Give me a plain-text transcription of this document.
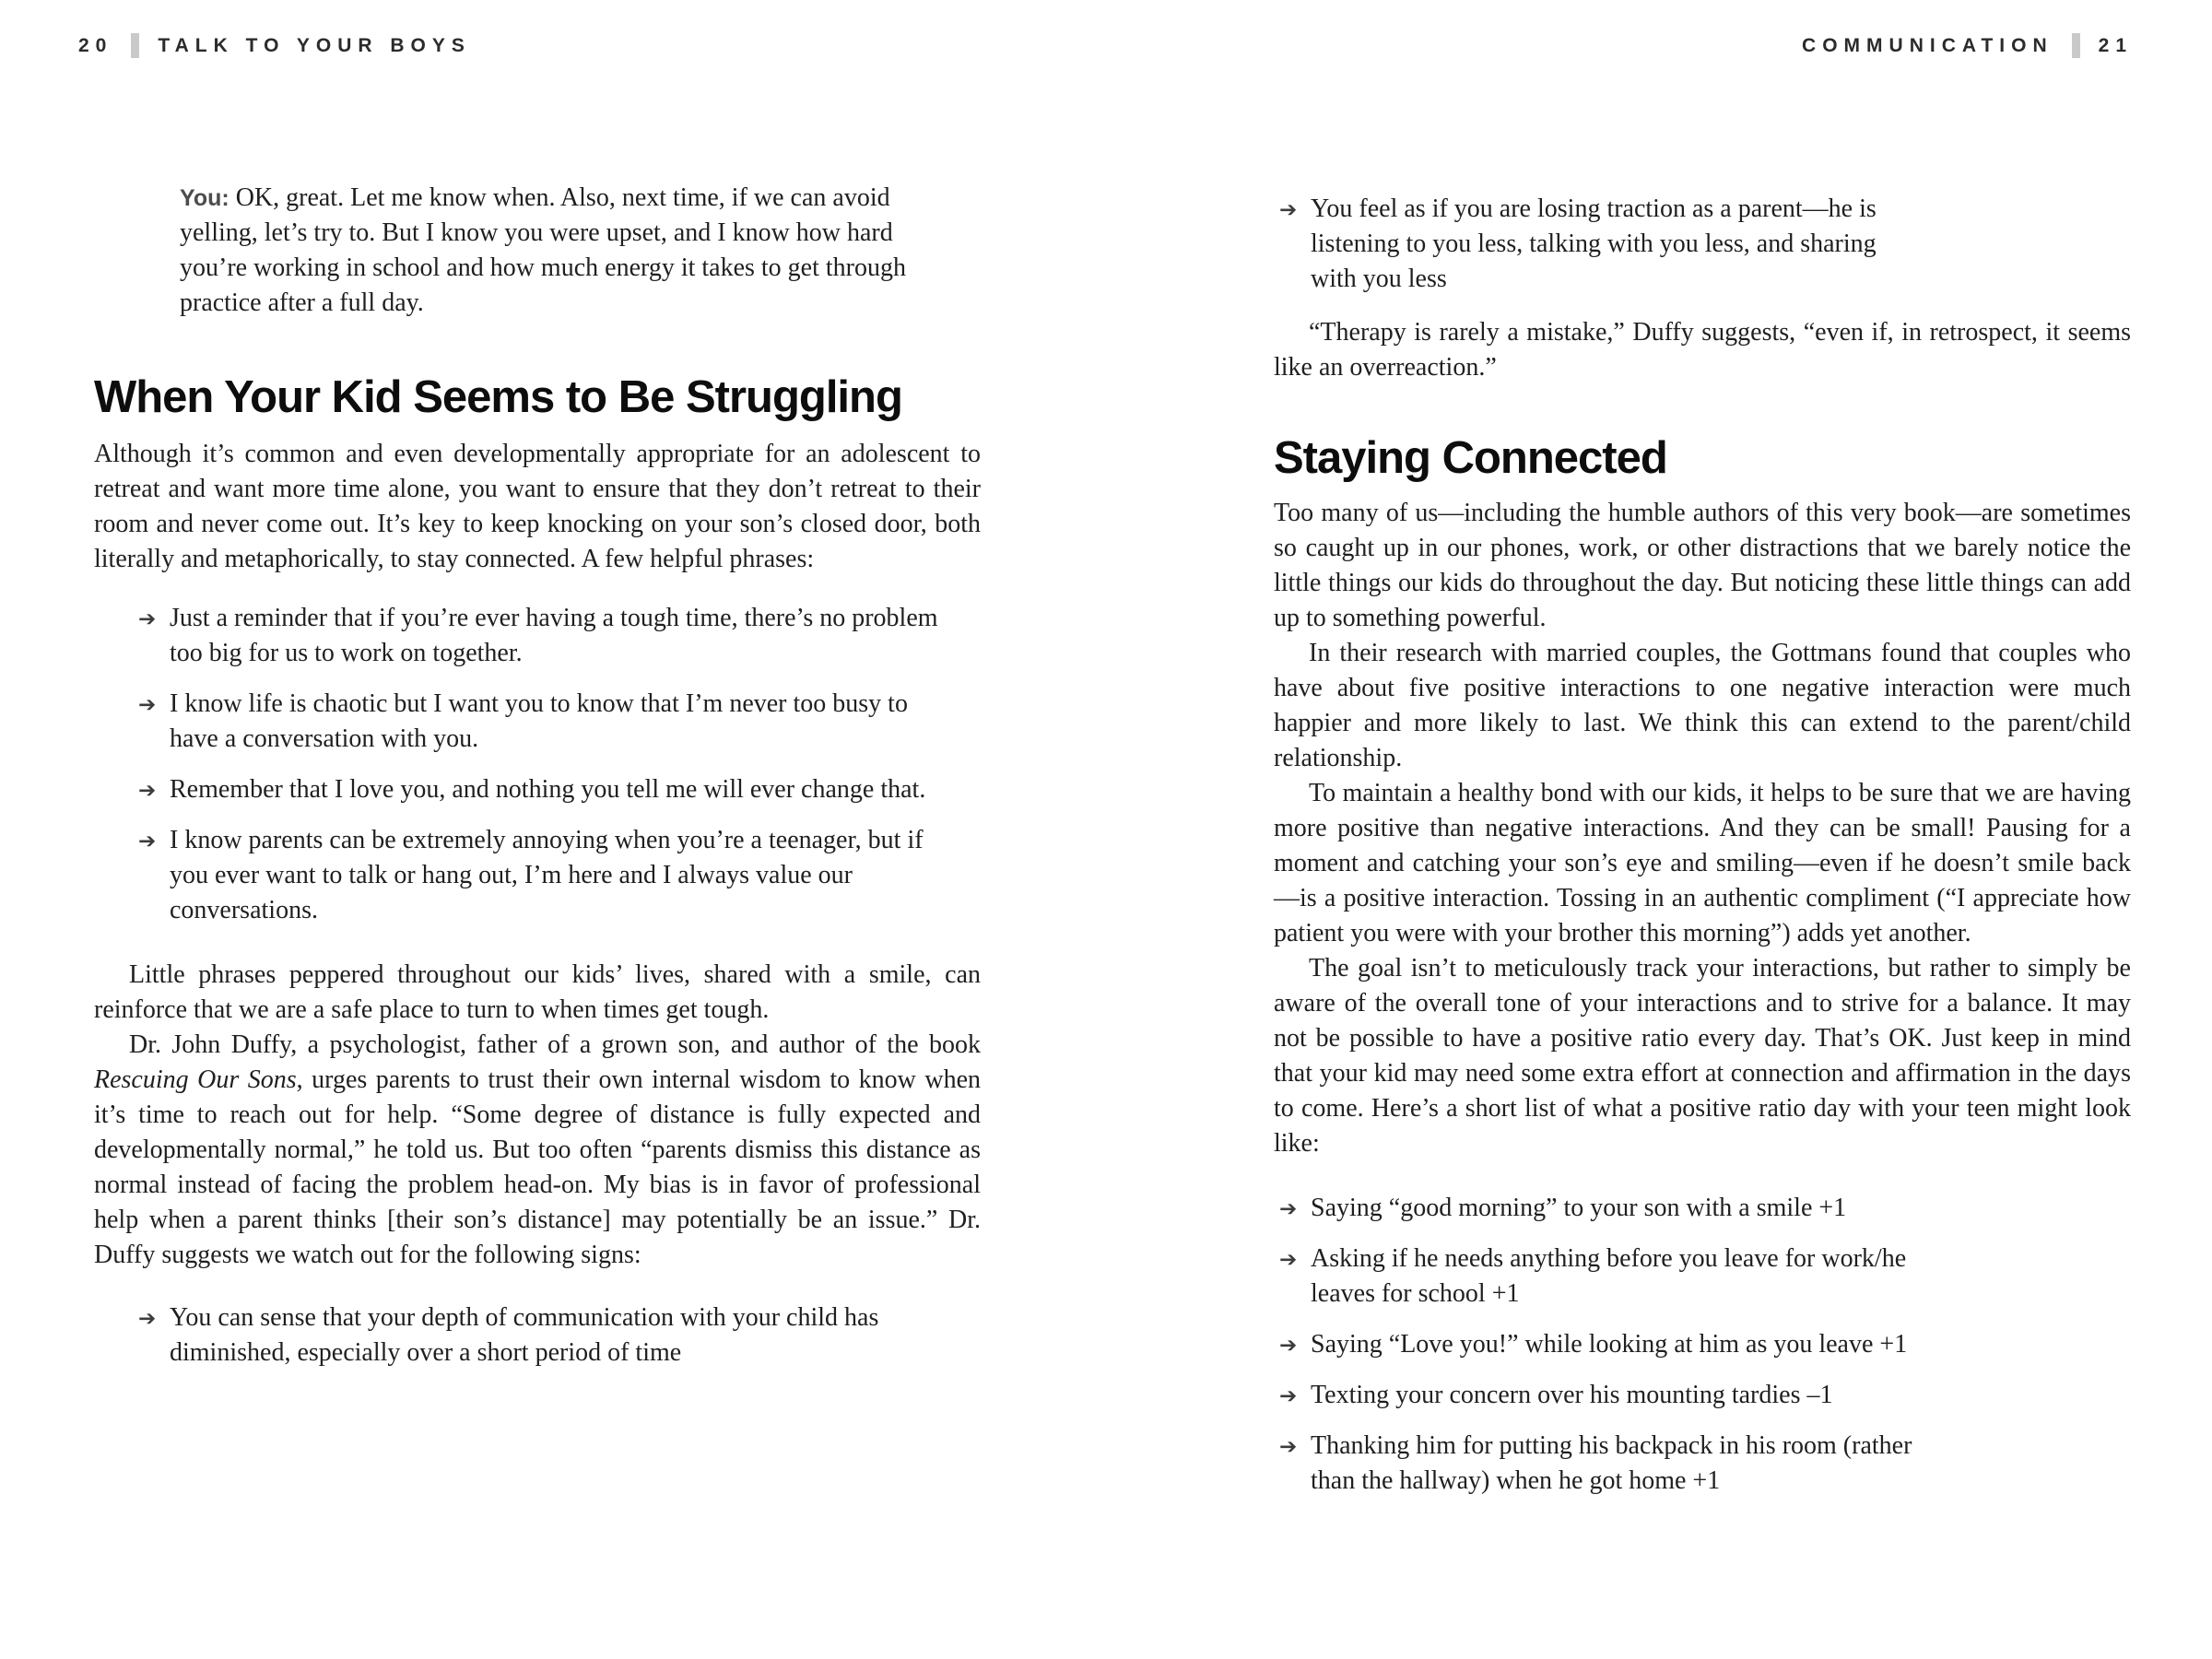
20 TALK TO YOUR BOYS	COMMUNICATION 21

You: OK, great. Let me know when. Also, next time, if we can avoid yelling, let’s try to. But I know you were upset, and I know how hard you’re working in school and how much energy it takes to get through practice after a full day.

When Your Kid Seems to Be Struggling

Although it’s common and even developmentally appropriate for an adolescent to retreat and want more time alone, you want to ensure that they don’t retreat to their room and never come out. It’s key to keep knocking on your son’s closed door, both literally and metaphorically, to stay connected. A few helpful phrases:

➔ Just a reminder that if you’re ever having a tough time, there’s no problem too big for us to work on together.
➔ I know life is chaotic but I want you to know that I’m never too busy to have a conversation with you.
➔ Remember that I love you, and nothing you tell me will ever change that.
➔ I know parents can be extremely annoying when you’re a teenager, but if you ever want to talk or hang out, I’m here and I always value our conversations.

Little phrases peppered throughout our kids’ lives, shared with a smile, can reinforce that we are a safe place to turn to when times get tough.

Dr. John Duffy, a psychologist, father of a grown son, and author of the book Rescuing Our Sons, urges parents to trust their own internal wisdom to know when it’s time to reach out for help. “Some degree of distance is fully expected and developmentally normal,” he told us. But too often “parents dismiss this distance as normal instead of facing the problem head-on. My bias is in favor of professional help when a parent thinks [their son’s distance] may potentially be an issue.” Dr. Duffy suggests we watch out for the following signs:

➔ You can sense that your depth of communication with your child has diminished, especially over a short period of time
➔ You feel as if you are losing traction as a parent—he is listening to you less, talking with you less, and sharing with you less

“Therapy is rarely a mistake,” Duffy suggests, “even if, in retrospect, it seems like an overreaction.”

Staying Connected

Too many of us—including the humble authors of this very book—are sometimes so caught up in our phones, work, or other distractions that we barely notice the little things our kids do throughout the day. But noticing these little things can add up to something powerful.

In their research with married couples, the Gottmans found that couples who have about five positive interactions to one negative interaction were much happier and more likely to last. We think this can extend to the parent/child relationship.

To maintain a healthy bond with our kids, it helps to be sure that we are having more positive than negative interactions. And they can be small! Pausing for a moment and catching your son’s eye and smiling—even if he doesn’t smile back—is a positive interaction. Tossing in an authentic compliment (“I appreciate how patient you were with your brother this morning”) adds yet another.

The goal isn’t to meticulously track your interactions, but rather to simply be aware of the overall tone of your interactions and to strive for a balance. It may not be possible to have a positive ratio every day. That’s OK. Just keep in mind that your kid may need some extra effort at connection and affirmation in the days to come. Here’s a short list of what a positive ratio day with your teen might look like:

➔ Saying “good morning” to your son with a smile +1
➔ Asking if he needs anything before you leave for work/he leaves for school +1
➔ Saying “Love you!” while looking at him as you leave +1
➔ Texting your concern over his mounting tardies –1
➔ Thanking him for putting his backpack in his room (rather than the hallway) when he got home +1
